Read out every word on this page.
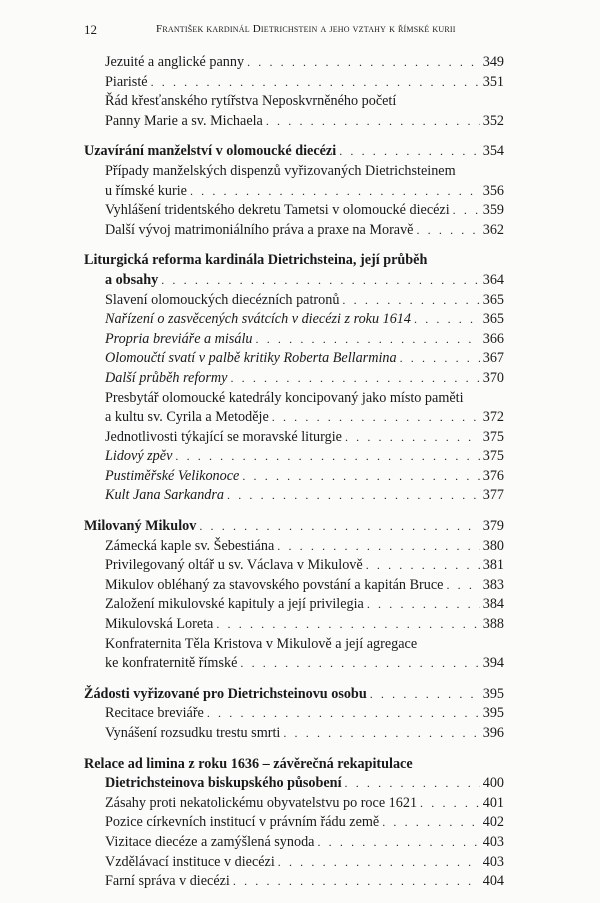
12	František kardinál Dietrichstein a jeho vztahy k římské kurii
Jezuité a anglické panny . . .	349
Piaristé . . .	351
Řád křesťanského rytířstva Neposkvrněného početí
Panny Marie a sv. Michaela . . .	352
Uzavírání manželství v olomoucké diecézi . . .	354
Případy manželských dispenzů vyřizovaných Dietrichsteinem
u římské kurie . . .	356
Vyhlášení tridentského dekretu Tametsi v olomoucké diecézi . . . 359
Další vývoj matrimoniálního práva a praxe na Moravě . . .	362
Liturgická reforma kardinála Dietrichsteina, její průběh
a obsahy . . .	364
Slavení olomouckých diecézních patronů . . .	365
Nařízení o zasvěcených svátcích v diecézi z roku 1614 . . .	365
Propria breviáře a misálu . . .	366
Olomoučtí svatí v palbě kritiky Roberta Bellarmina . . .	367
Další průběh reformy . . .	370
Presbytář olomoucké katedrály koncipovaný jako místo paměti
a kultu sv. Cyrila a Metoděje . . .	372
Jednotlivosti týkající se moravské liturgie . . .	375
Lidový zpěv . . .	375
Pustiměřské Velikonoce . . .	376
Kult Jana Sarkandra . . .	377
Milovaný Mikulov . . .	379
Zámecká kaple sv. Šebestiána . . .	380
Privilegovaný oltář u sv. Václava v Mikulově . . .	381
Mikulov obléhaný za stavovského povstání a kapitán Bruce . . .	383
Založení mikulovské kapituly a její privilegia . . .	384
Mikulovská Loreta . . .	388
Konfraternita Těla Kristova v Mikulově a její agregace
ke konfraternitě římské . . .	394
Žádosti vyřizované pro Dietrichsteinovu osobu . . .	395
Recitace breviáře . . .	395
Vynášení rozsudku trestu smrti . . .	396
Relace ad limina z roku 1636 – závěrečná rekapitulace
Dietrichsteinova biskupského působení . . .	400
Zásahy proti nekatolickému obyvatelstvu po roce 1621 . . .	401
Pozice církevních institucí v právním řádu země . . .	402
Vizitace diecéze a zamýšlená synoda . . .	403
Vzdělávací instituce v diecézi . . .	403
Farní správa v diecézi . . .	404
